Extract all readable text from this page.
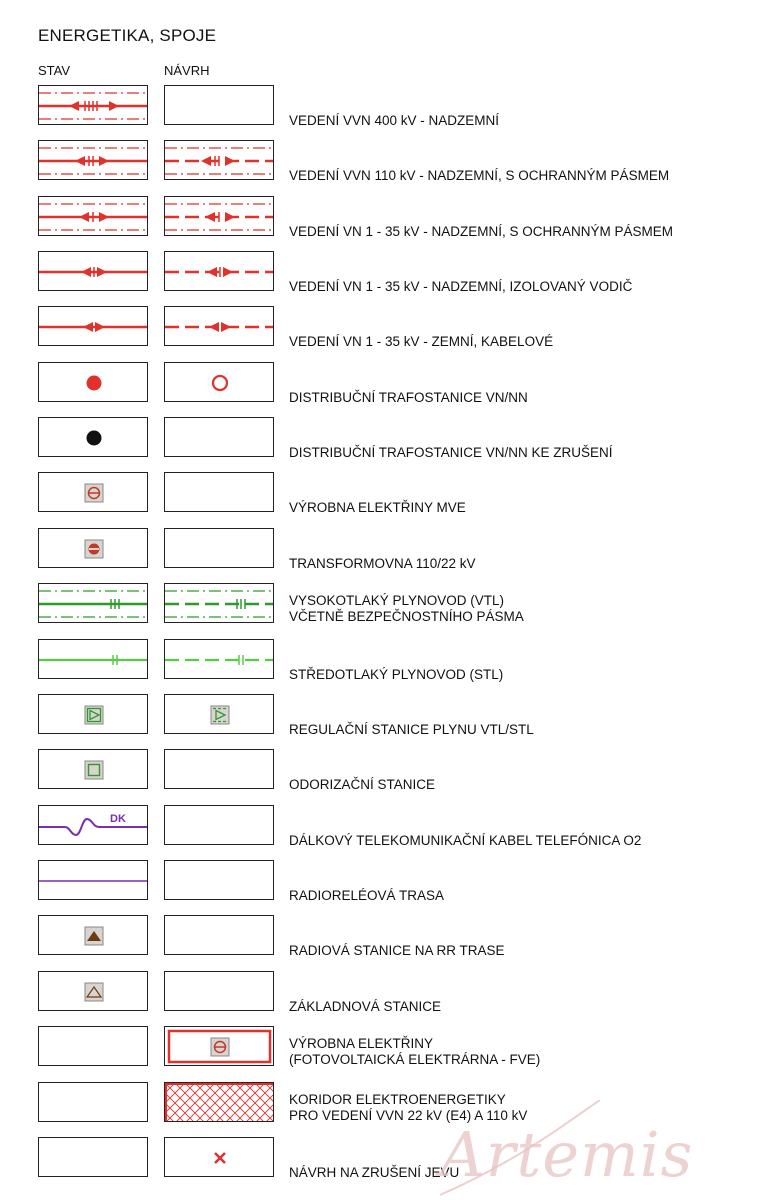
ENERGETIKA, SPOJE
STAV	NÁVRH
VEDENÍ VVN 400 kV - NADZEMNÍ
VEDENÍ VVN 110 kV - NADZEMNÍ, S OCHRANNÝM PÁSMEM
VEDENÍ VN 1 - 35 kV - NADZEMNÍ, S OCHRANNÝM PÁSMEM
VEDENÍ VN 1 - 35 kV - NADZEMNÍ, IZOLOVANÝ VODIČ
VEDENÍ VN 1 - 35 kV - ZEMNÍ, KABELOVÉ
DISTRIBUČNÍ TRAFOSTANICE VN/NN
DISTRIBUČNÍ TRAFOSTANICE VN/NN KE ZRUŠENÍ
VÝROBNA ELEKTŘINY MVE
TRANSFORMOVNA 110/22 kV
VYSOKOTLAKÝ PLYNOVOD (VTL)
VČETNĚ BEZPEČNOSTNÍHO PÁSMA
STŘEDOTLAKÝ PLYNOVOD (STL)
REGULAČNÍ STANICE PLYNU VTL/STL
ODORIZAČNÍ STANICE
DK
DÁLKOVÝ TELEKOMUNIKAČNÍ KABEL TELEFÓNICA O2
RADIORELÉOVÁ TRASA
RADIOVÁ STANICE NA RR TRASE
ZÁKLADNOVÁ STANICE
VÝROBNA ELEKTŘINY
(FOTOVOLTAICKÁ ELEKTRÁRNA - FVE)
KORIDOR ELEKTROENERGETIKY
PRO VEDENÍ VVN 22 kV (E4) A 110 kV
NÁVRH NA ZRUŠENÍ JEVU
Artemis
